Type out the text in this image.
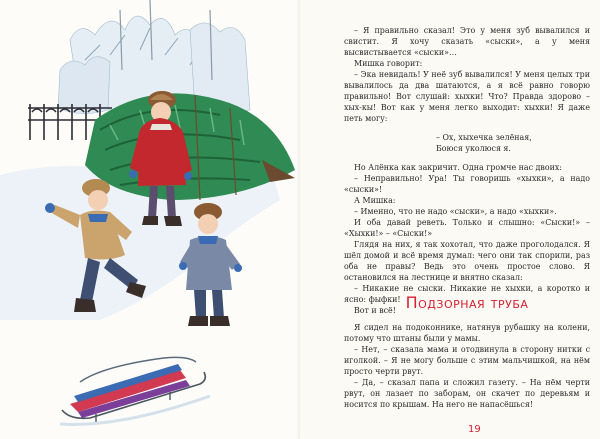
– Я правильно сказал! Это у меня зуб вывалился и свистит. Я хочу сказать «сыски», а у меня высвистывается «сыски»…

Мишка говорит:

– Эка невидаль! У неё зуб вывалился! У меня целых три вывалилось да два шатаются, а я всё равно говорю правильно! Вот слушай: хыхки! Что? Правда здорово – хых-кы! Вот как у меня легко выходит: хыхки! Я даже петь могу:

– Ох, хыхечка зелёная,

Боюся уколюся я.

Но Алёнка как закричит. Одна громче нас двоих:

– Неправильно! Ура! Ты говоришь «хыхки», а надо «сыски»!

А Мишка:

– Именно, что не надо «сыски», а надо «хыхки».

И оба давай реветь. Только и слышно: «Сыски!» – «Хыхки!» – «Сыски!»

Глядя на них, я так хохотал, что даже проголодался. Я шёл домой и всё время думал: чего они так спорили, раз оба не правы? Ведь это очень простое слово. Я остановился на лестнице и внятно сказал:

– Никакие не сыски. Никакие не хыхки, а коротко и ясно: фыфки!

Вот и всё! Подзорная труба

Я сидел на подоконнике, натянув рубашку на колени, потому что штаны были у мамы.

– Нет, – сказала мама и отодвинула в сторону нитки с иголкой. – Я не могу больше с этим мальчишкой, на нём просто черти рвут.

– Да, – сказал папа и сложил газету. – На нём черти рвут, он лазает по заборам, он скачет по деревьям и носится по крышам. На него не напасёшься!

19
